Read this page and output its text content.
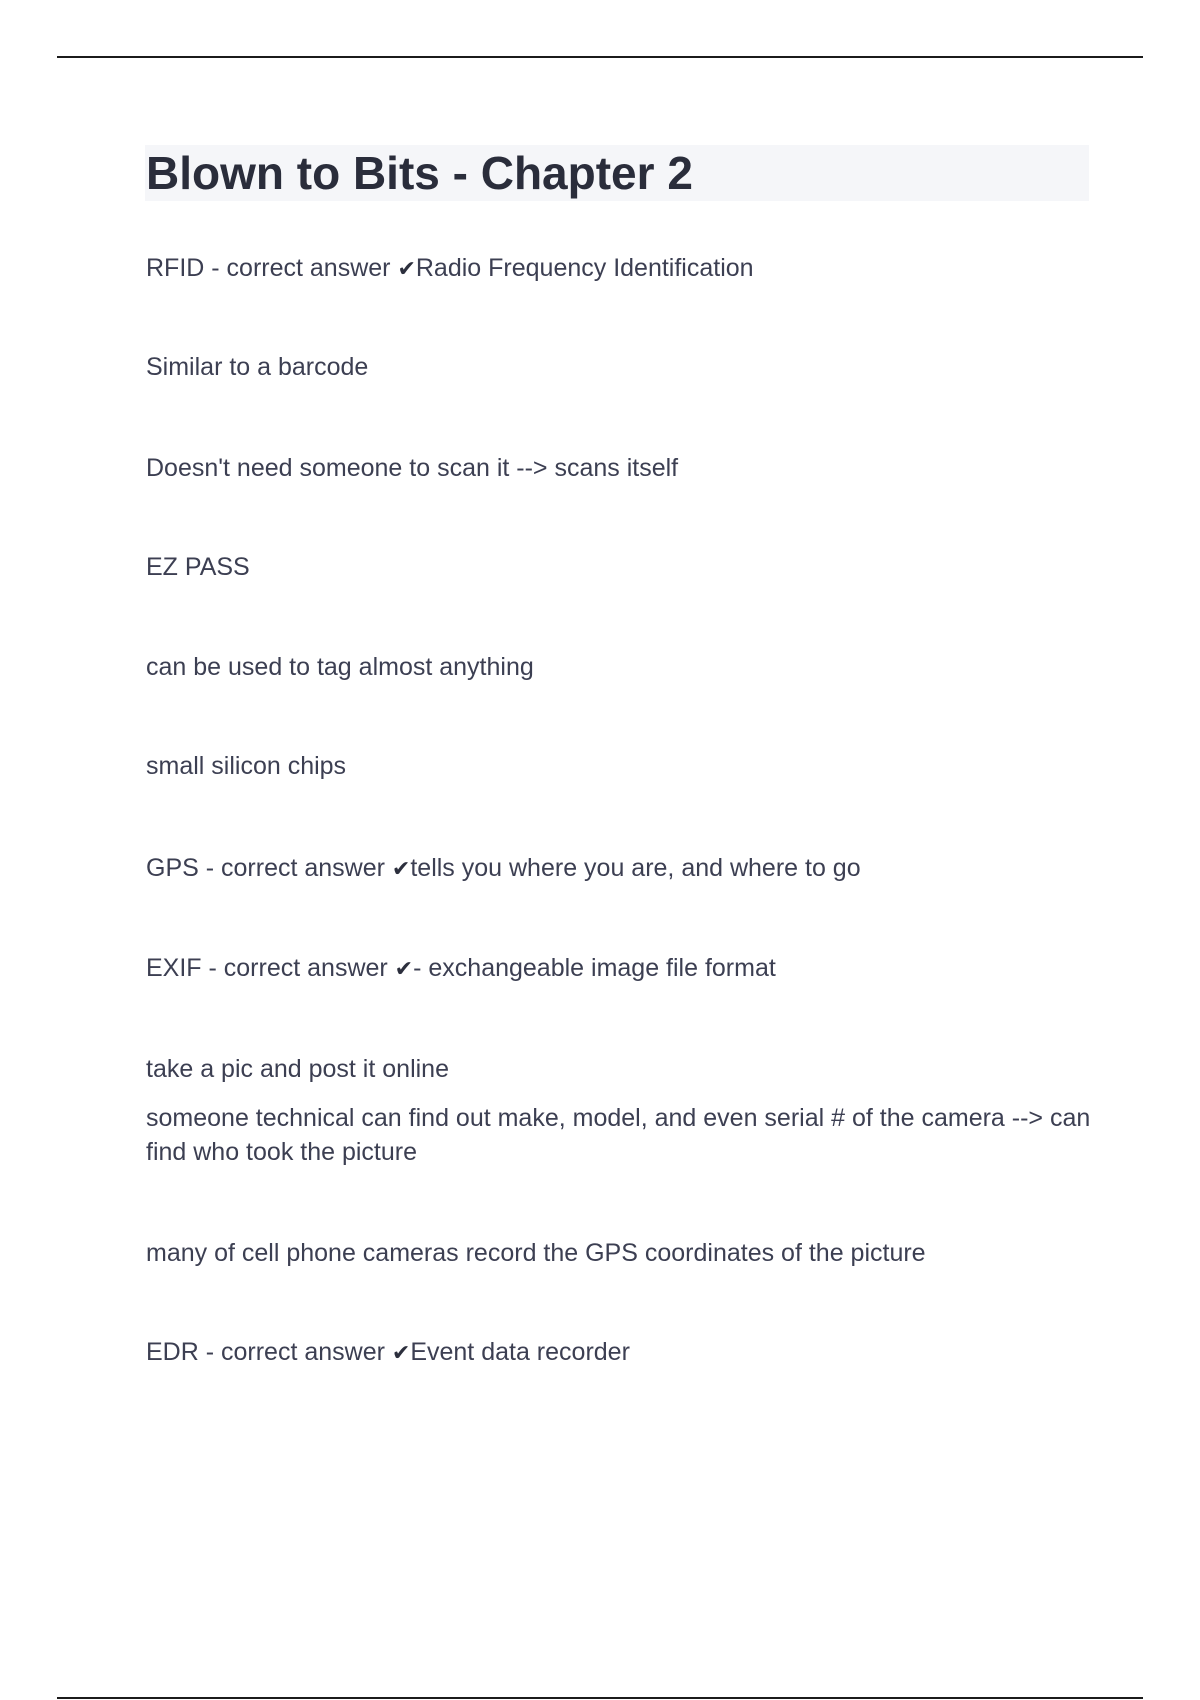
Blown to Bits - Chapter 2

RFID - correct answer ✔Radio Frequency Identification

Similar to a barcode

Doesn't need someone to scan it --> scans itself

EZ PASS

can be used to tag almost anything

small silicon chips

GPS - correct answer ✔tells you where you are, and where to go

EXIF - correct answer ✔- exchangeable image file format

take a pic and post it online

someone technical can find out make, model, and even serial # of the camera --> can find who took the picture

many of cell phone cameras record the GPS coordinates of the picture

EDR - correct answer ✔Event data recorder
